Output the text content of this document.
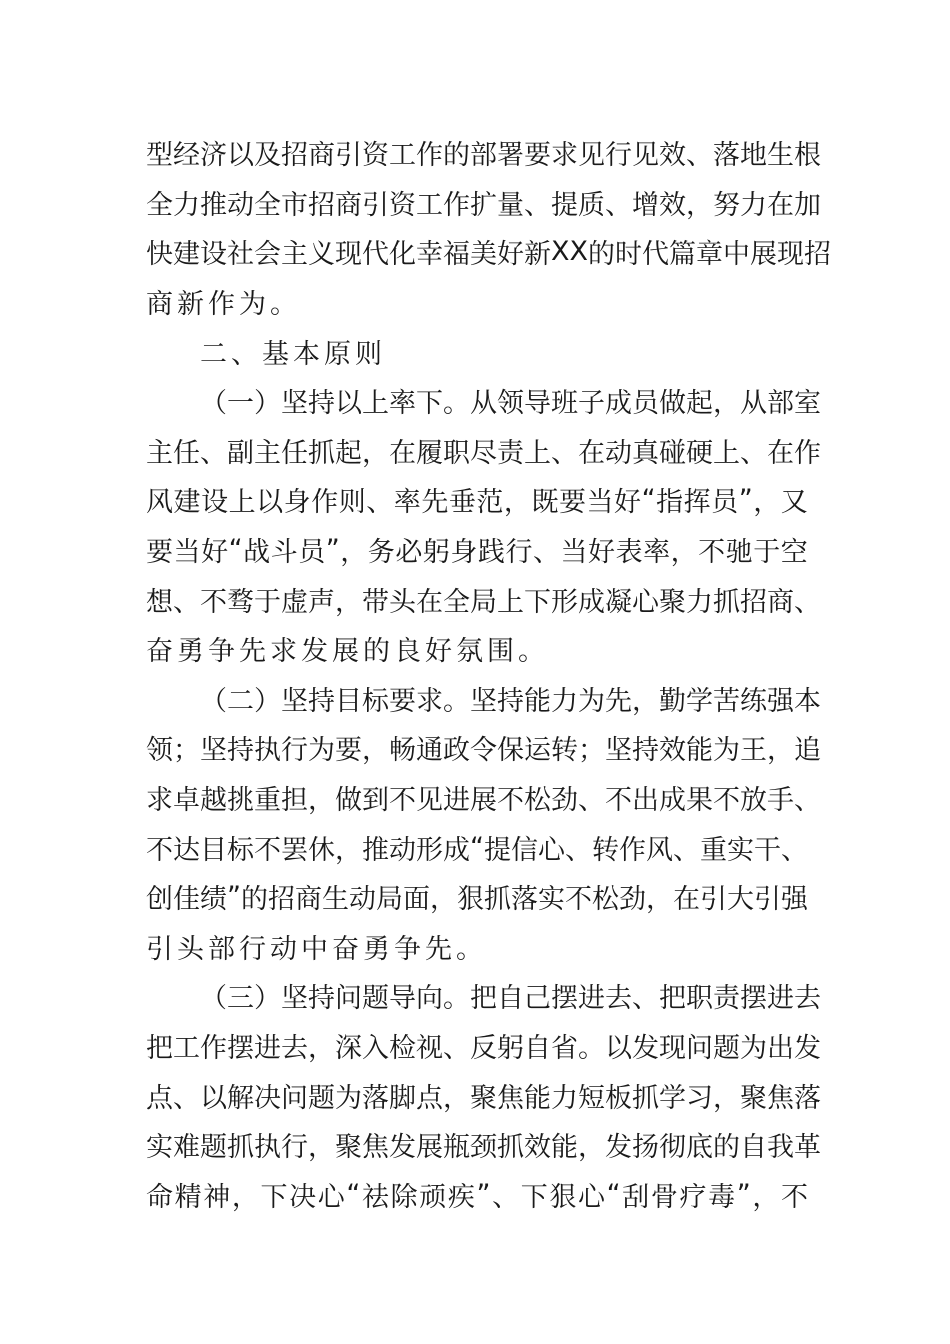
型 经 济 以 及 招 商 引 资 工 作 的 部 署 要 求 见 行 见 效 、 落 地 生 根
全 力 推 动 全 市 招 商 引 资 工 作 扩 量 、 提 质 、 增 效 ， 努 力 在 加
快 建 设 社 会 主 义 现 代 化 幸 福 美 好 新 X X 的 时 代 篇 章 中 展 现 招
商新作为。
二、基本原则
（ 一 ） 坚 持 以 上 率 下 。 从 领 导 班 子 成 员 做 起 ， 从 部 室
主 任 、 副 主 任 抓 起 ， 在 履 职 尽 责 上 、 在 动 真 碰 硬 上 、 在 作
风 建 设 上 以 身 作 则 、 率 先 垂 范 ， 既 要 当 好 “ 指 挥 员 ” ， 又
要 当 好 “ 战 斗 员 ” ， 务 必 躬 身 践 行 、 当 好 表 率 ， 不 驰 于 空
想 、 不 骛 于 虚 声 ， 带 头 在 全 局 上 下 形 成 凝 心 聚 力 抓 招 商 、
奋勇争先求发展的良好氛围。
（ 二 ） 坚 持 目 标 要 求 。 坚 持 能 力 为 先 ， 勤 学 苦 练 强 本
领 ； 坚 持 执 行 为 要 ， 畅 通 政 令 保 运 转 ； 坚 持 效 能 为 王 ， 追
求 卓 越 挑 重 担 ， 做 到 不 见 进 展 不 松 劲 、 不 出 成 果 不 放 手 、
不 达 目 标 不 罢 休 ， 推 动 形 成 “ 提 信 心 、 转 作 风 、 重 实 干 、
创 佳 绩 ” 的 招 商 生 动 局 面 ， 狠 抓 落 实 不 松 劲 ， 在 引 大 引 强
引头部行动中奋勇争先。
（ 三 ） 坚 持 问 题 导 向 。 把 自 己 摆 进 去 、 把 职 责 摆 进 去
把 工 作 摆 进 去 ， 深 入 检 视 、 反 躬 自 省 。 以 发 现 问 题 为 出 发
点 、 以 解 决 问 题 为 落 脚 点 ， 聚 焦 能 力 短 板 抓 学 习 ， 聚 焦 落
实 难 题 抓 执 行 ， 聚 焦 发 展 瓶 颈 抓 效 能 ， 发 扬 彻 底 的 自 我 革
命 精 神 ， 下 决 心 “ 祛 除 顽 疾 ” 、 下 狠 心 “ 刮 骨 疗 毒 ” ， 不
